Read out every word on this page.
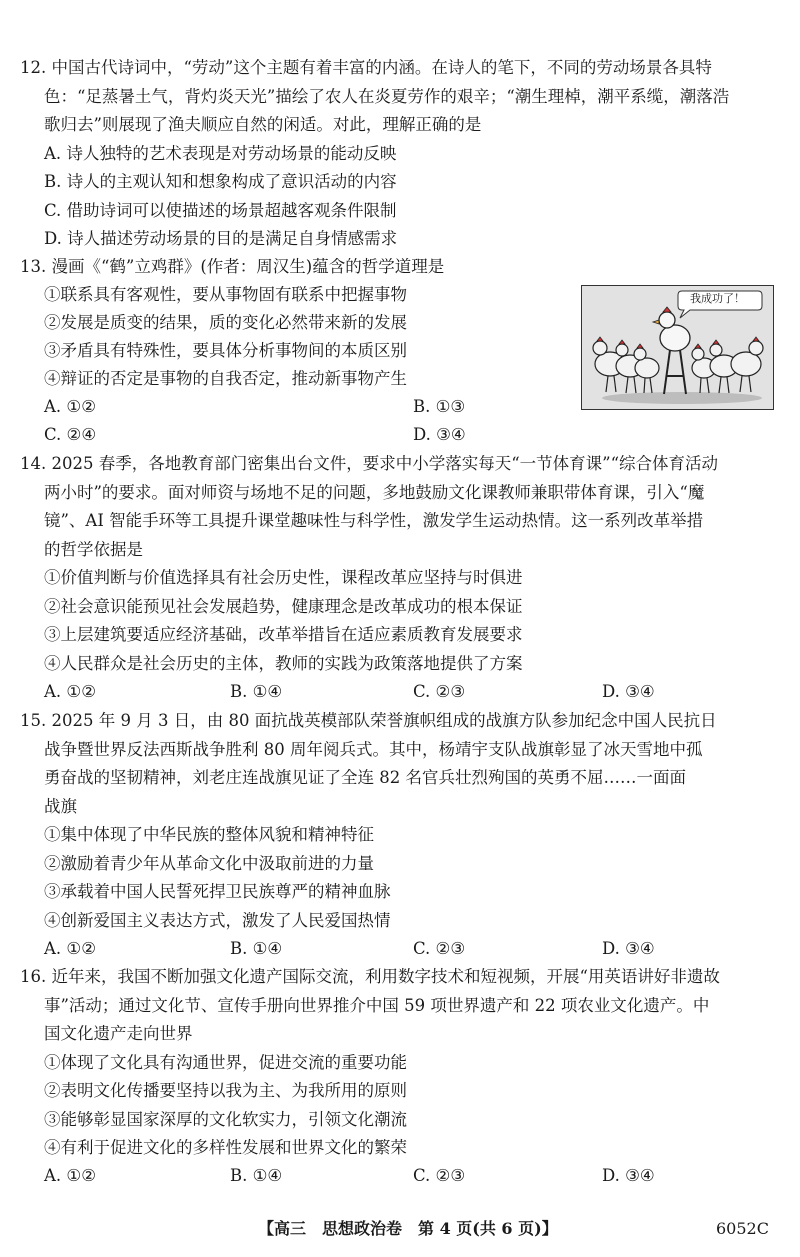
12. 中国古代诗词中，“劳动”这个主题有着丰富的内涵。在诗人的笔下，不同的劳动场景各具特
色：“足蒸暑土气，背灼炎天光”描绘了农人在炎夏劳作的艰辛；“潮生理棹，潮平系缆，潮落浩
歌归去”则展现了渔夫顺应自然的闲适。对此，理解正确的是
A. 诗人独特的艺术表现是对劳动场景的能动反映
B. 诗人的主观认知和想象构成了意识活动的内容
C. 借助诗词可以使描述的场景超越客观条件限制
D. 诗人描述劳动场景的目的是满足自身情感需求
13. 漫画《“鹤”立鸡群》(作者：周汉生)蕴含的哲学道理是
①联系具有客观性，要从事物固有联系中把握事物
②发展是质变的结果，质的变化必然带来新的发展
③矛盾具有特殊性，要具体分析事物间的本质区别
④辩证的否定是事物的自我否定，推动新事物产生
A. ①②	B. ①③
C. ②④	D. ③④
我成功了！
14. 2025 春季，各地教育部门密集出台文件，要求中小学落实每天“一节体育课”“综合体育活动
两小时”的要求。面对师资与场地不足的问题，多地鼓励文化课教师兼职带体育课，引入“魔
镜”、AI 智能手环等工具提升课堂趣味性与科学性，激发学生运动热情。这一系列改革举措
的哲学依据是
①价值判断与价值选择具有社会历史性，课程改革应坚持与时俱进
②社会意识能预见社会发展趋势，健康理念是改革成功的根本保证
③上层建筑要适应经济基础，改革举措旨在适应素质教育发展要求
④人民群众是社会历史的主体，教师的实践为政策落地提供了方案
A. ①②	B. ①④	C. ②③	D. ③④
15. 2025 年 9 月 3 日，由 80 面抗战英模部队荣誉旗帜组成的战旗方队参加纪念中国人民抗日
战争暨世界反法西斯战争胜利 80 周年阅兵式。其中，杨靖宇支队战旗彰显了冰天雪地中孤
勇奋战的坚韧精神，刘老庄连战旗见证了全连 82 名官兵壮烈殉国的英勇不屈……一面面
战旗
①集中体现了中华民族的整体风貌和精神特征
②激励着青少年从革命文化中汲取前进的力量
③承载着中国人民誓死捍卫民族尊严的精神血脉
④创新爱国主义表达方式，激发了人民爱国热情
A. ①②	B. ①④	C. ②③	D. ③④
16. 近年来，我国不断加强文化遗产国际交流，利用数字技术和短视频，开展“用英语讲好非遗故
事”活动；通过文化节、宣传手册向世界推介中国 59 项世界遗产和 22 项农业文化遗产。中
国文化遗产走向世界
①体现了文化具有沟通世界，促进交流的重要功能
②表明文化传播要坚持以我为主、为我所用的原则
③能够彰显国家深厚的文化软实力，引领文化潮流
④有利于促进文化的多样性发展和世界文化的繁荣
A. ①②	B. ①④	C. ②③	D. ③④
【高三　思想政治卷　第 4 页(共 6 页)】	6052C
